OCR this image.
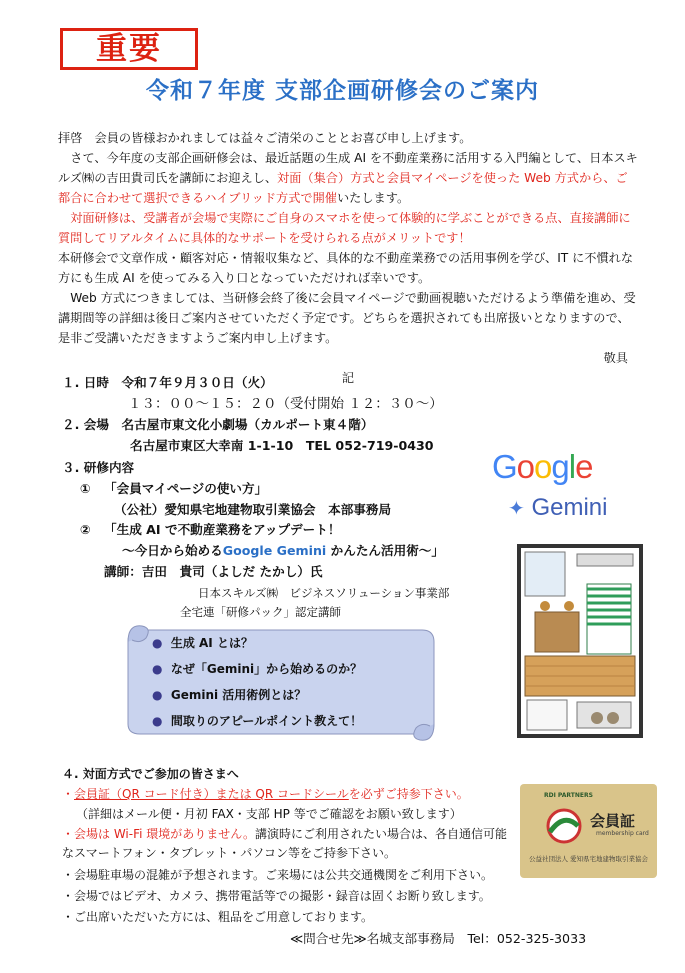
重要
令和７年度 支部企画研修会のご案内

拝啓　会員の皆様おかれましては益々ご清栄のこととお喜び申し上げます。

さて、今年度の支部企画研修会は、最近話題の生成 AI を不動産業務に活用する入門編として、日本スキルズ㈱の吉田貴司氏を講師にお迎えし、対面（集合）方式と会員マイページを使った Web 方式から、ご都合に合わせて選択できるハイブリッド方式で開催いたします。

対面研修は、受講者が会場で実際にご自身のスマホを使って体験的に学ぶことができる点、直接講師に質問してリアルタイムに具体的なサポートを受けられる点がメリットです！

本研修会で文章作成・顧客対応・情報収集など、具体的な不動産業務での活用事例を学び、IT に不慣れな方にも生成 AI を使ってみる入り口となっていただければ幸いです。

Web 方式につきましては、当研修会終了後に会員マイページで動画視聴いただけるよう準備を進め、受講期間等の詳細は後日ご案内させていただく予定です。どちらを選択されても出席扱いとなりますので、是非ご受講いただきますようご案内申し上げます。

敬具

記

１. 日時　令和７年９月３０日（火）
１３：００〜１５：２０（受付開始 １２：３０〜）
２. 会場　名古屋市東文化小劇場（カルポート東４階）
名古屋市東区大幸南 1-1-10　TEL 052-719-0430
３. 研修内容
① 「会員マイページの使い方」
（公社）愛知県宅地建物取引業協会　本部事務局
② 「生成 AI で不動産業務をアップデート！
〜今日から始めるGoogle Gemini かんたん活用術〜」
講師：吉田　貴司（よしだ たかし）氏
日本スキルズ㈱　ビジネスソリューション事業部
全宅連「研修パック」認定講師
● 生成 AI とは？
● なぜ「Gemini」から始めるのか？
● Gemini 活用術例とは？
● 間取りのアピールポイント教えて！
Google
✦ Gemini
４. 対面方式でご参加の皆さまへ
・会員証（QR コード付き）または QR コードシールを必ずご持参下さい。
（詳細はメール便・月初 FAX・支部 HP 等でご確認をお願い致します）
・会場は Wi-Fi 環境がありません。講演時にご利用されたい場合は、各自通信可能なスマートフォン・タブレット・パソコン等をご持参下さい。
・会場駐車場の混雑が予想されます。ご来場には公共交通機関をご利用下さい。
・会場ではビデオ、カメラ、携帯電話等での撮影・録音は固くお断り致します。
・ご出席いただいた方には、粗品をご用意しております。
RDI PARTNERS
会員証
membership card
公益社団法人 愛知県宅地建物取引業協会
≪問合せ先≫名城支部事務局　Tel：052-325-3033
